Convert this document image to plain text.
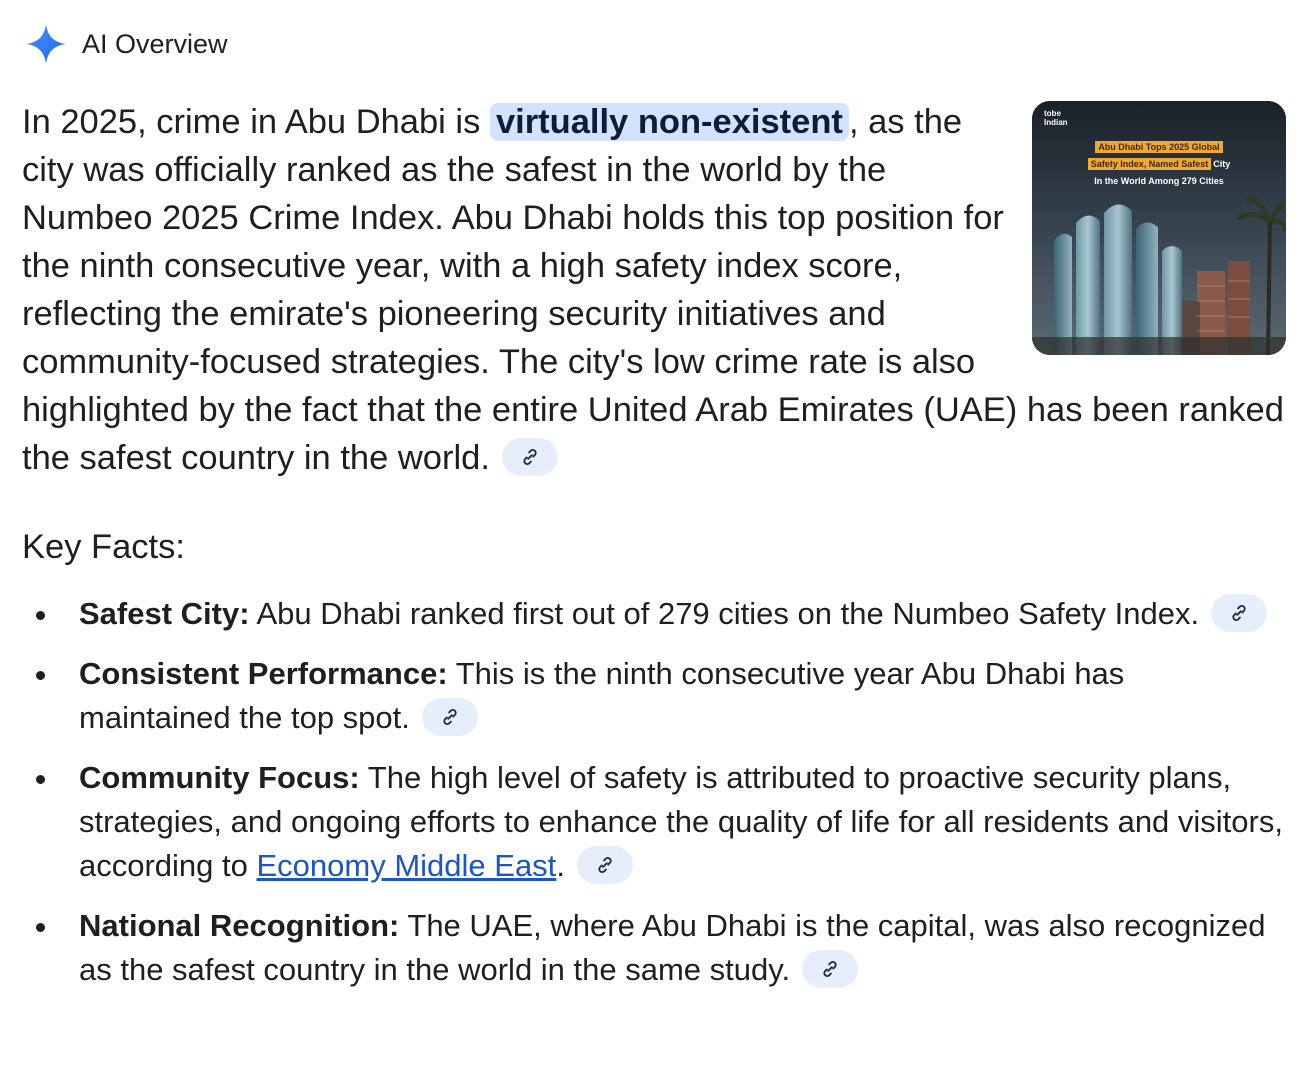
AI Overview
tobe Indian
Abu Dhabi Tops 2025 Global
Safety Index, Named Safest City
In the World Among 279 Cities

In 2025, crime in Abu Dhabi is virtually non-existent , as the city was officially ranked as the safest in the world by the Numbeo 2025 Crime Index. Abu Dhabi holds this top position for the ninth consecutive year, with a high safety index score, reflecting the emirate's pioneering security initiatives and community-focused strategies. The city's low crime rate is also highlighted by the fact that the entire United Arab Emirates (UAE) has been ranked the safest country in the world.

Key Facts:
Safest City: Abu Dhabi ranked first out of 279 cities on the Numbeo Safety Index.
Consistent Performance: This is the ninth consecutive year Abu Dhabi has maintained the top spot.
Community Focus: The high level of safety is attributed to proactive security plans, strategies, and ongoing efforts to enhance the quality of life for all residents and visitors, according to Economy Middle East.
National Recognition: The UAE, where Abu Dhabi is the capital, was also recognized as the safest country in the world in the same study.
